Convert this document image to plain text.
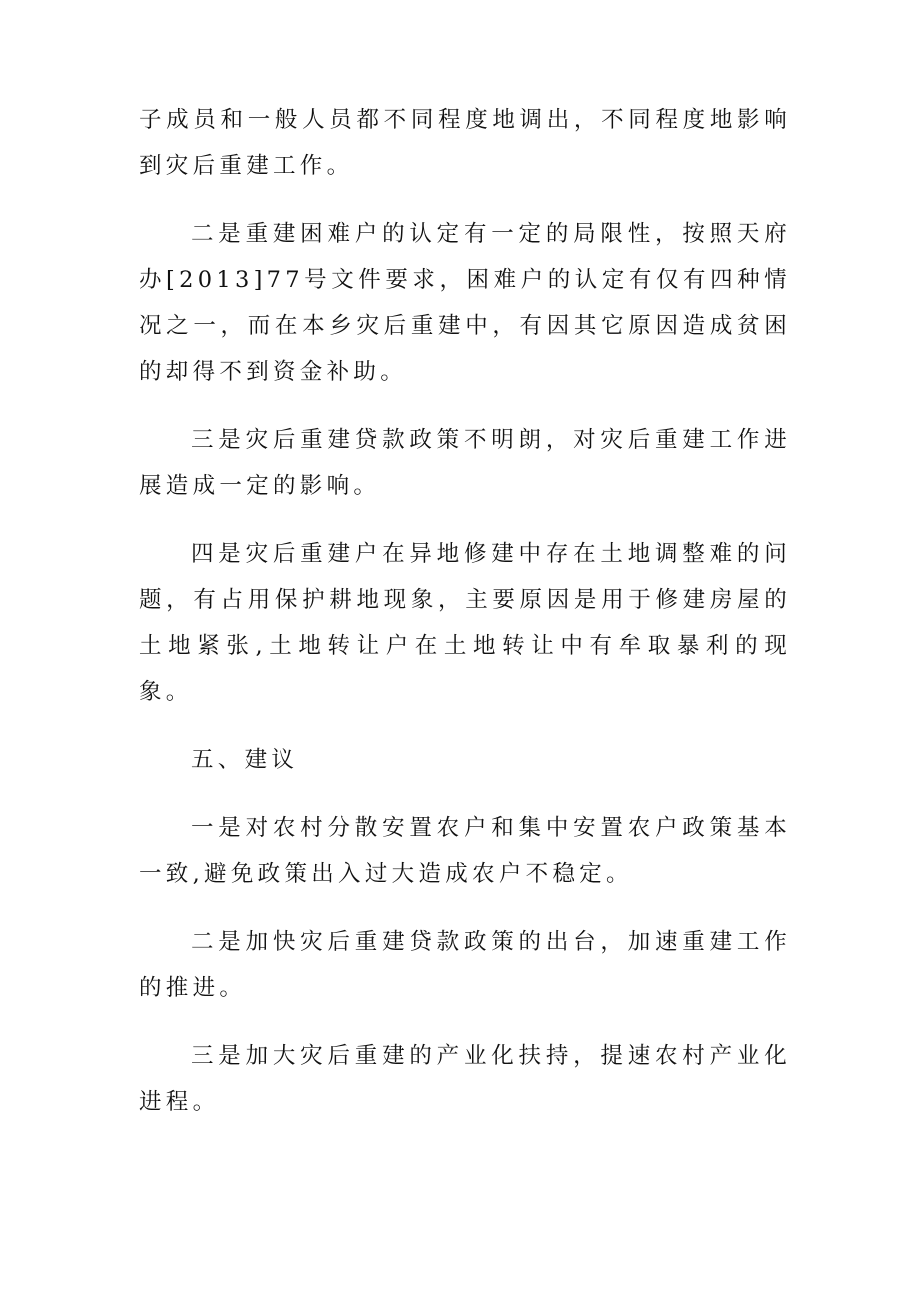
子成员和一般人员都不同程度地调出，不同程度地影响到灾后重建工作。

二是重建困难户的认定有一定的局限性，按照天府办[2013]77号文件要求，困难户的认定有仅有四种情况之一，而在本乡灾后重建中，有因其它原因造成贫困的却得不到资金补助。

三是灾后重建贷款政策不明朗，对灾后重建工作进展造成一定的影响。

四是灾后重建户在异地修建中存在土地调整难的问题，有占用保护耕地现象，主要原因是用于修建房屋的土地紧张,土地转让户在土地转让中有牟取暴利的现象。

五、建议

一是对农村分散安置农户和集中安置农户政策基本一致,避免政策出入过大造成农户不稳定。

二是加快灾后重建贷款政策的出台，加速重建工作的推进。

三是加大灾后重建的产业化扶持，提速农村产业化进程。
